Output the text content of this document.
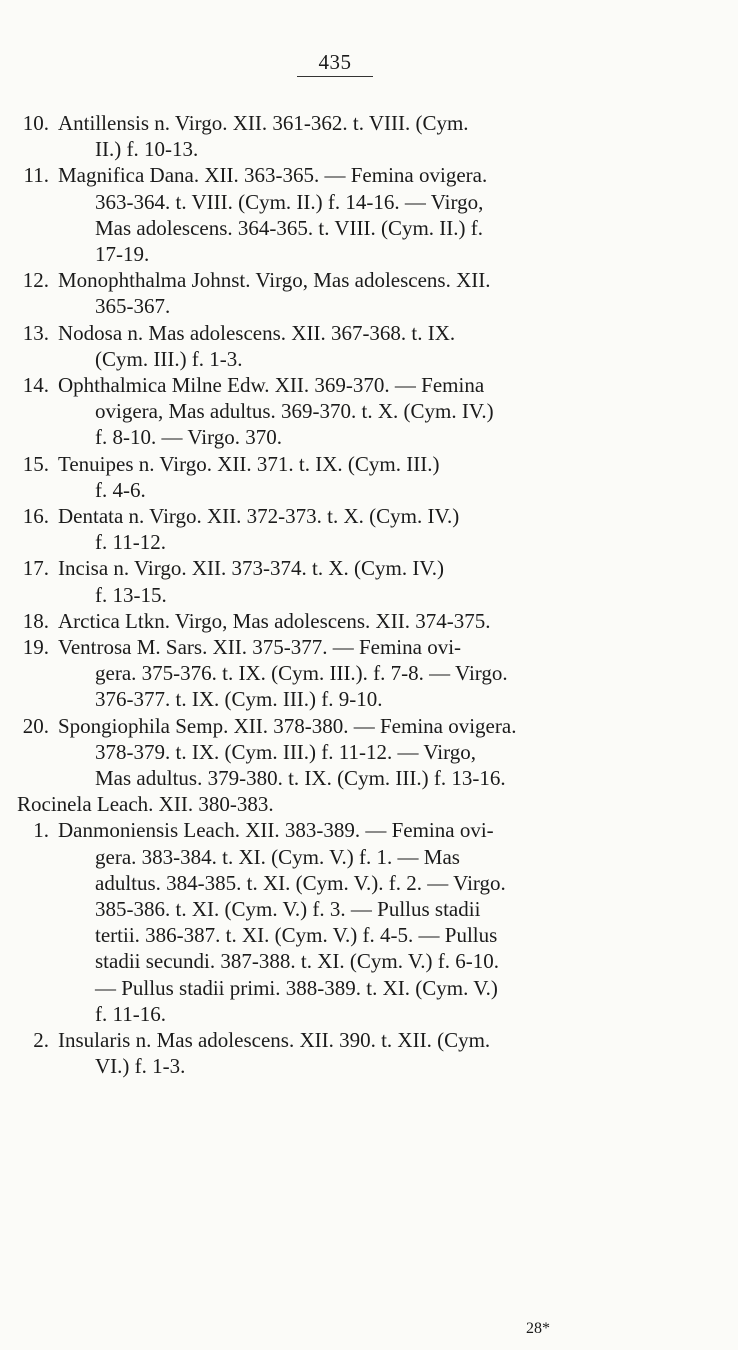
435
10. Antillensis n. Virgo. XII. 361-362. t. VIII. (Cym.
II.) f. 10-13.
11. Magnifica Dana. XII. 363-365. — Femina ovigera.
363-364. t. VIII. (Cym. II.) f. 14-16. — Virgo,
Mas adolescens. 364-365. t. VIII. (Cym. II.) f.
17-19.
12. Monophthalma Johnst. Virgo, Mas adolescens. XII.
365-367.
13. Nodosa n. Mas adolescens. XII. 367-368. t. IX.
(Cym. III.) f. 1-3.
14. Ophthalmica Milne Edw. XII. 369-370. — Femina
ovigera, Mas adultus. 369-370. t. X. (Cym. IV.)
f. 8-10. — Virgo. 370.
15. Tenuipes n. Virgo. XII. 371. t. IX. (Cym. III.)
f. 4-6.
16. Dentata n. Virgo. XII. 372-373. t. X. (Cym. IV.)
f. 11-12.
17. Incisa n. Virgo. XII. 373-374. t. X. (Cym. IV.)
f. 13-15.
18. Arctica Ltkn. Virgo, Mas adolescens. XII. 374-375.
19. Ventrosa M. Sars. XII. 375-377. — Femina ovi-
gera. 375-376. t. IX. (Cym. III.). f. 7-8. — Virgo.
376-377. t. IX. (Cym. III.) f. 9-10.
20. Spongiophila Semp. XII. 378-380. — Femina ovigera.
378-379. t. IX. (Cym. III.) f. 11-12. — Virgo,
Mas adultus. 379-380. t. IX. (Cym. III.) f. 13-16.
Rocinela Leach. XII. 380-383.
1. Danmoniensis Leach. XII. 383-389. — Femina ovi-
gera. 383-384. t. XI. (Cym. V.) f. 1. — Mas
adultus. 384-385. t. XI. (Cym. V.). f. 2. — Virgo.
385-386. t. XI. (Cym. V.) f. 3. — Pullus stadii
tertii. 386-387. t. XI. (Cym. V.) f. 4-5. — Pullus
stadii secundi. 387-388. t. XI. (Cym. V.) f. 6-10.
— Pullus stadii primi. 388-389. t. XI. (Cym. V.)
f. 11-16.
2. Insularis n. Mas adolescens. XII. 390. t. XII. (Cym.
VI.) f. 1-3.
28*
